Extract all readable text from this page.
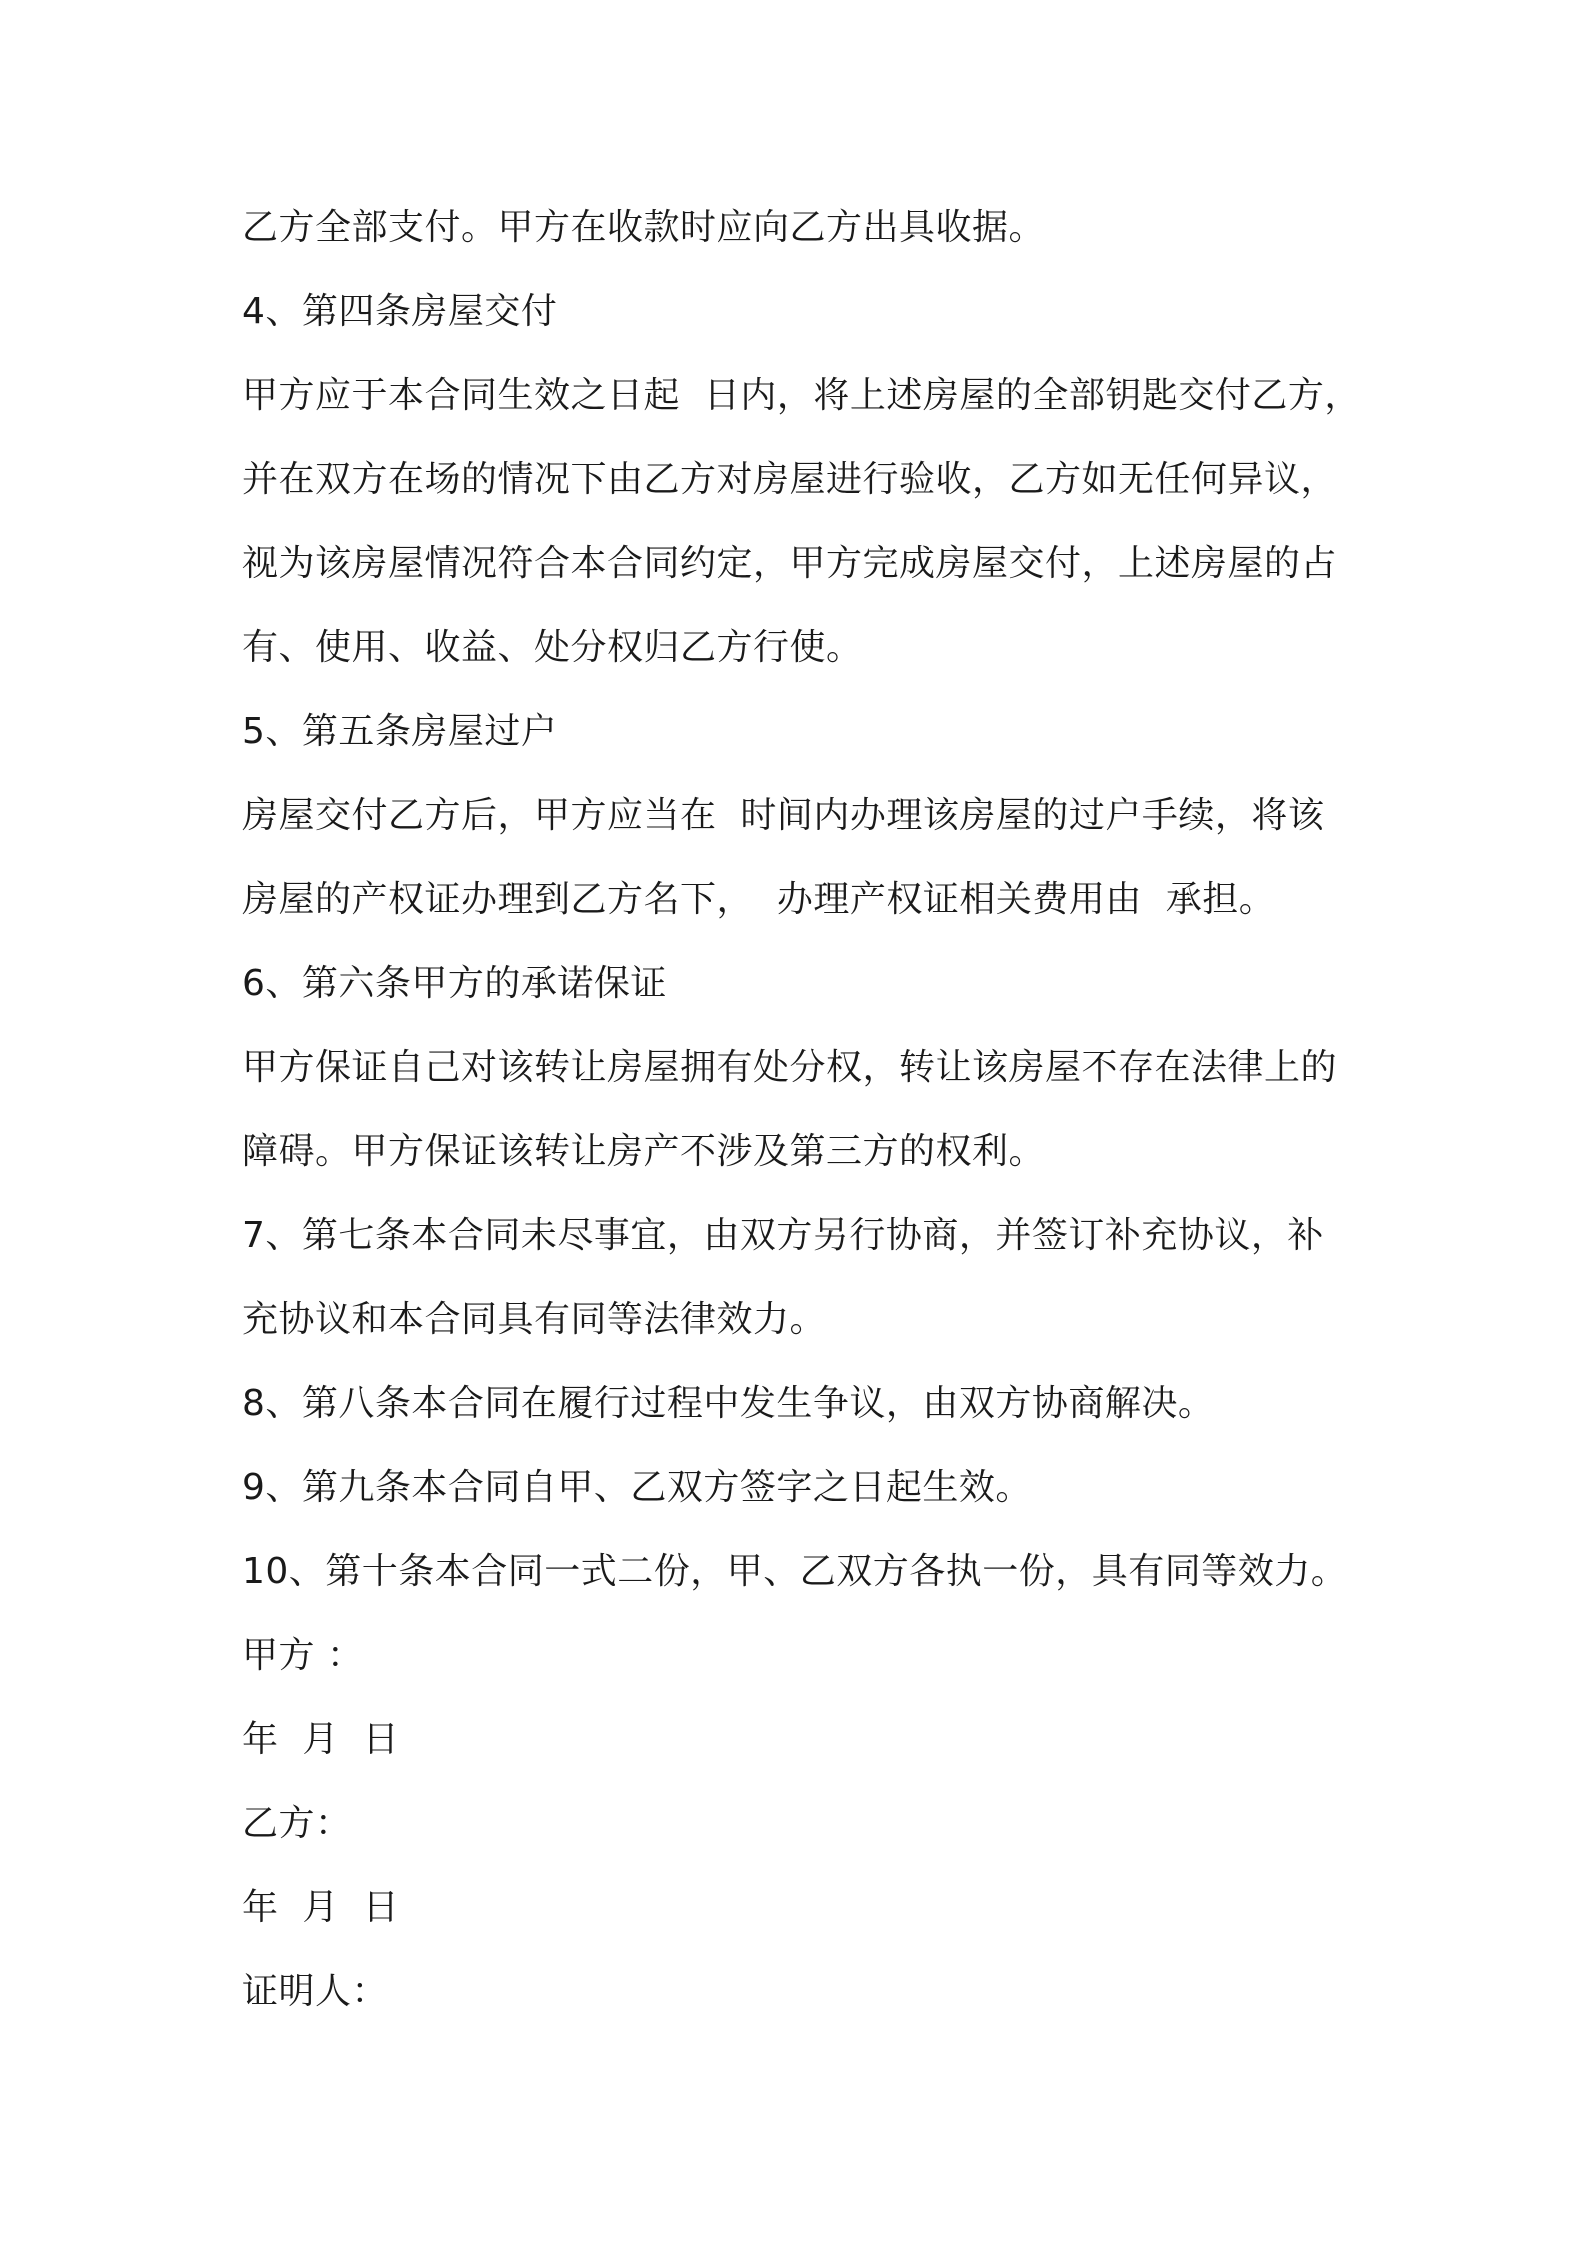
乙方全部支付。甲方在收款时应向乙方出具收据。
4、第四条房屋交付
甲方应于本合同生效之日起  日内，将上述房屋的全部钥匙交付乙方，
并在双方在场的情况下由乙方对房屋进行验收，乙方如无任何异议，
视为该房屋情况符合本合同约定，甲方完成房屋交付，上述房屋的占
有、使用、收益、处分权归乙方行使。
5、第五条房屋过户
房屋交付乙方后，甲方应当在  时间内办理该房屋的过户手续，将该
房屋的产权证办理到乙方名下，  办理产权证相关费用由  承担。
6、第六条甲方的承诺保证
甲方保证自己对该转让房屋拥有处分权，转让该房屋不存在法律上的
障碍。甲方保证该转让房产不涉及第三方的权利。
7、第七条本合同未尽事宜，由双方另行协商，并签订补充协议，补
充协议和本合同具有同等法律效力。
8、第八条本合同在履行过程中发生争议，由双方协商解决。
9、第九条本合同自甲、乙双方签字之日起生效。
10、第十条本合同一式二份，甲、乙双方各执一份，具有同等效力。
甲方 ：
年  月  日
乙方：
年  月  日
证明人：
